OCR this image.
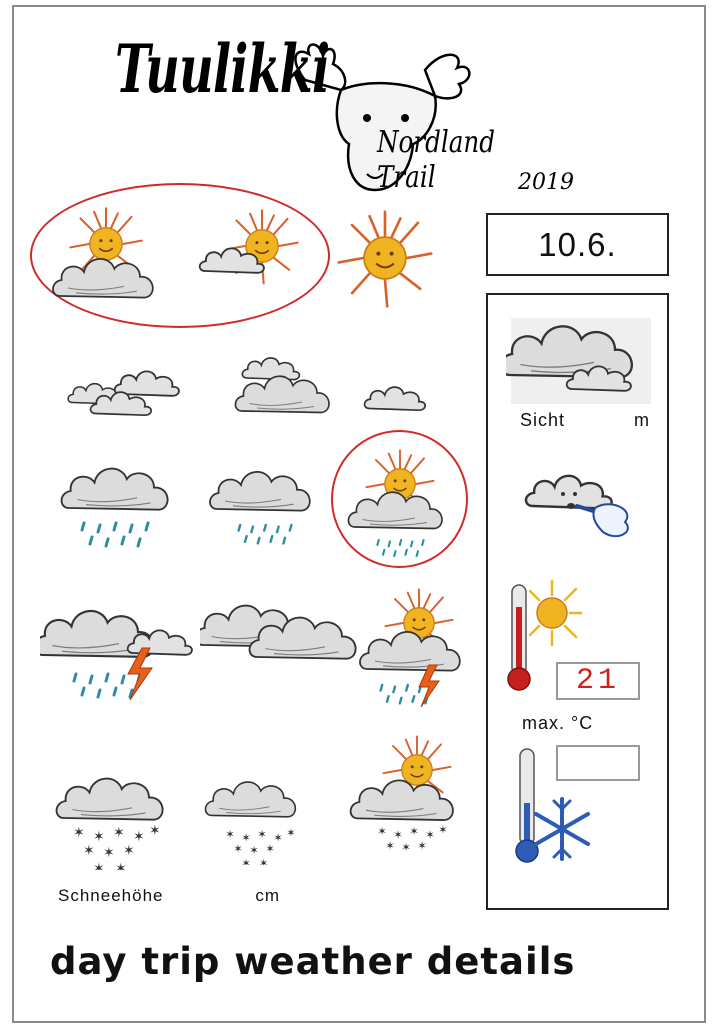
Tuulikki
Nordland Trail	2019
Schneehöhe	cm
10.6.
Sicht	m
21
max. °C
day trip weather details
